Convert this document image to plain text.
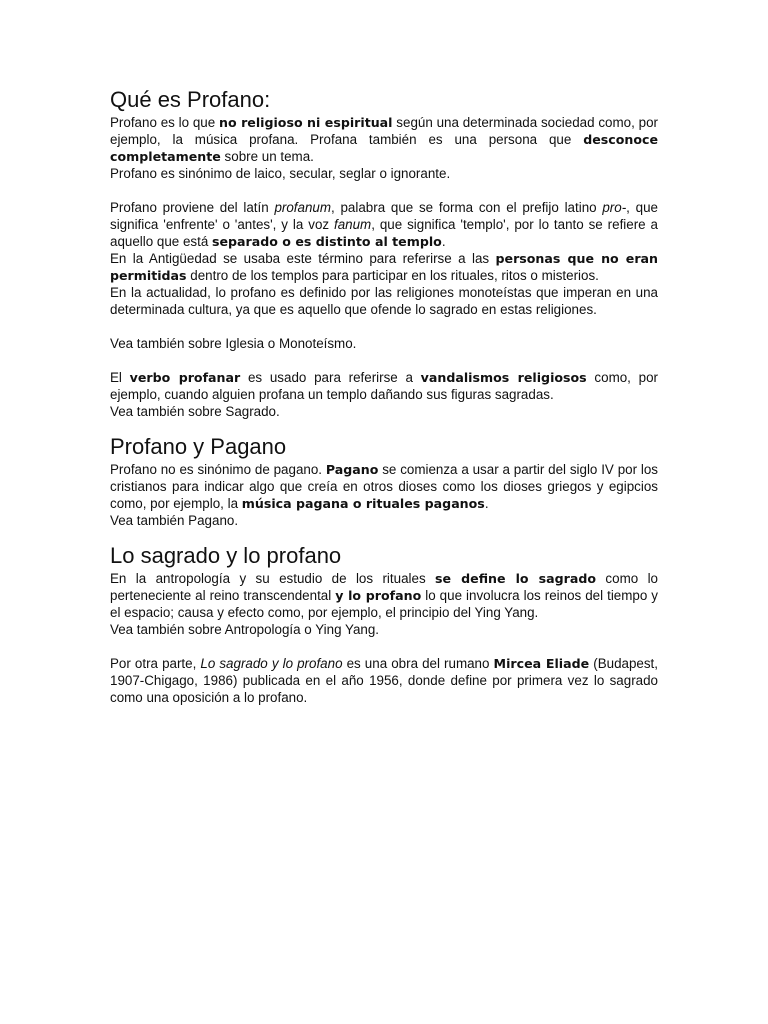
Qué es Profano:

Profano es lo que no religioso ni espiritual según una determinada sociedad como, por ejemplo, la música profana. Profana también es una persona que desconoce completamente sobre un tema.

Profano es sinónimo de laico, secular, seglar o ignorante.

Profano proviene del latín profanum, palabra que se forma con el prefijo latino pro-, que significa 'enfrente' o 'antes', y la voz fanum, que significa 'templo', por lo tanto se refiere a aquello que está separado o es distinto al templo.

En la Antigüedad se usaba este término para referirse a las personas que no eran permitidas dentro de los templos para participar en los rituales, ritos o misterios.

En la actualidad, lo profano es definido por las religiones monoteístas que imperan en una determinada cultura, ya que es aquello que ofende lo sagrado en estas religiones.

Vea también sobre Iglesia o Monoteísmo.

El verbo profanar es usado para referirse a vandalismos religiosos como, por ejemplo, cuando alguien profana un templo dañando sus figuras sagradas.

Vea también sobre Sagrado.

Profano y Pagano

Profano no es sinónimo de pagano. Pagano se comienza a usar a partir del siglo IV por los cristianos para indicar algo que creía en otros dioses como los dioses griegos y egipcios como, por ejemplo, la música pagana o rituales paganos.

Vea también Pagano.

Lo sagrado y lo profano

En la antropología y su estudio de los rituales se define lo sagrado como lo perteneciente al reino transcendental y lo profano lo que involucra los reinos del tiempo y el espacio; causa y efecto como, por ejemplo, el principio del Ying Yang.

Vea también sobre Antropología o Ying Yang.

Por otra parte, Lo sagrado y lo profano es una obra del rumano Mircea Eliade (Budapest, 1907-Chigago, 1986) publicada en el año 1956, donde define por primera vez lo sagrado como una oposición a lo profano.
